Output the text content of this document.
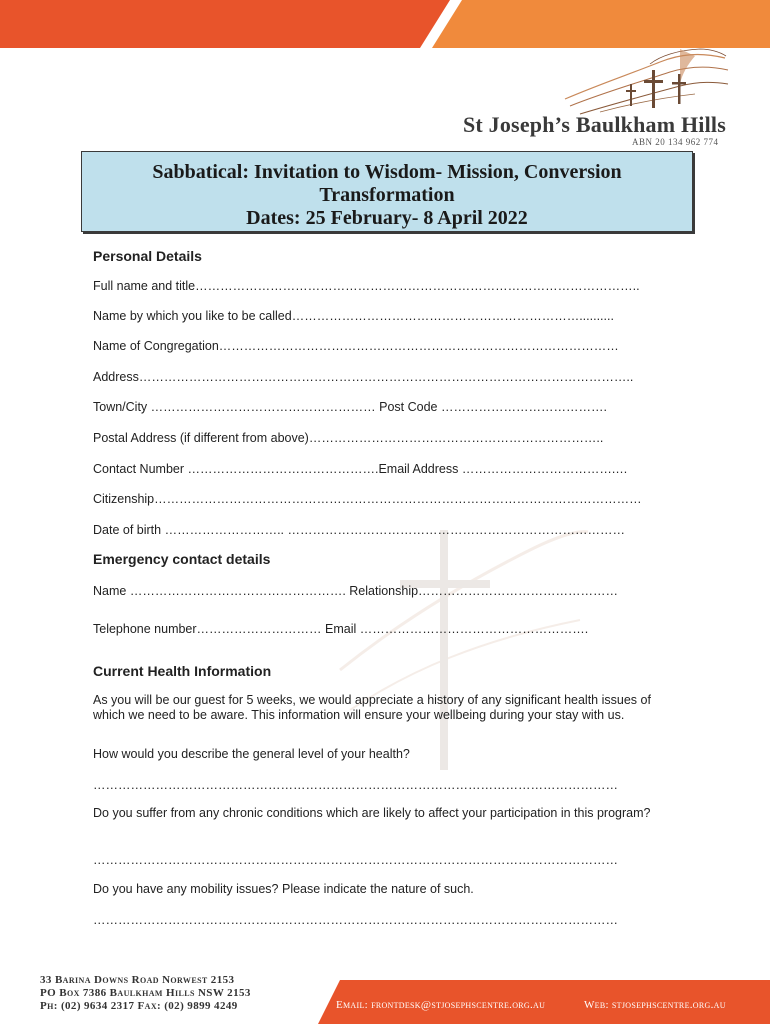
St Joseph’s Baulkham Hills
ABN 20 134 962 774
Sabbatical: Invitation to Wisdom- Mission, Conversion
Transformation
Dates: 25 February- 8 April 2022
Personal Details
Full name and title……………………………………………………………………………………………..
Name by which you like to be called……………………………………………………………..........
Name of Congregation……………………………………………………………………………………
Address………………………………………………………………………………………………………..
Town/City ……………………………………………… Post Code ………………………………….
Postal Address (if different from above)……………………………………………………………..
Contact Number ……………………………………….Email Address ……………………………….…
Citizenship………………………………………………………………………………………………………
Date of birth ……………………….. ………………………………………………………………………
Emergency contact details
Name ……………………………………………. Relationship…………………………………………
Telephone number………………………… Email ……………………………………………….
Current Health Information
As you will be our guest for 5 weeks, we would appreciate a history of any significant health issues of which we need to be aware. This information will ensure your wellbeing during your stay with us.
How would you describe the general level of your health?
………………………………………………………………………………………………………………
Do you suffer from any chronic conditions which are likely to affect your participation in this program?
………………………………………………………………………………………………………………
Do you have any mobility issues? Please indicate the nature of such.
………………………………………………………………………………………………………………
33 Barina Downs Road Norwest 2153
PO Box 7386 Baulkham Hills NSW 2153
Ph: (02) 9634 2317 Fax: (02) 9899 4249	Email: frontdesk@stjosephscentre.org.au	Web: stjosephscentre.org.au
